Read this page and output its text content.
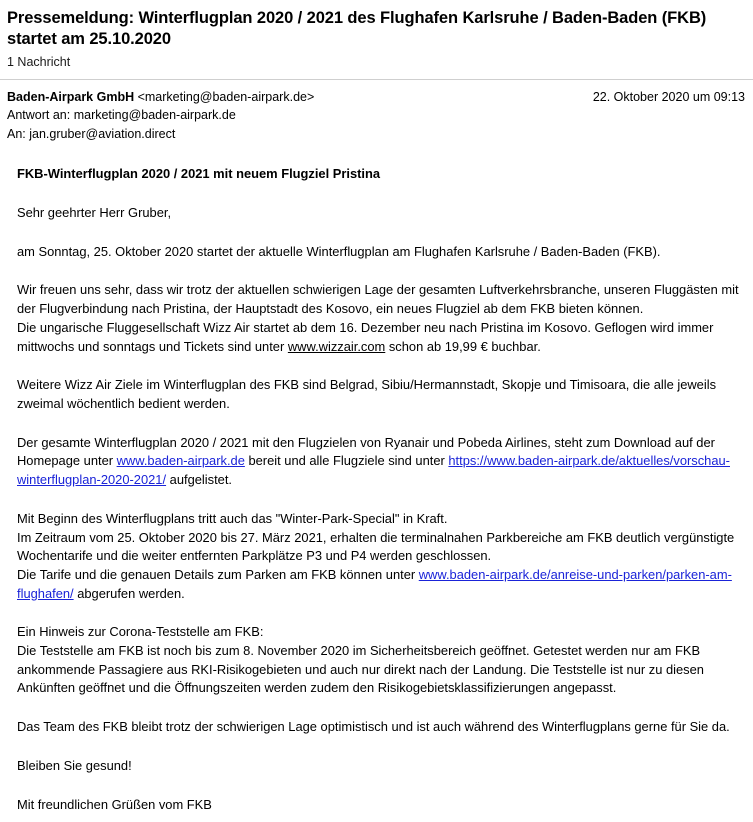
Pressemeldung: Winterflugplan 2020 / 2021 des Flughafen Karlsruhe / Baden-Baden (FKB) startet am 25.10.2020
1 Nachricht
Baden-Airpark GmbH <marketing@baden-airpark.de>
Antwort an: marketing@baden-airpark.de
An: jan.gruber@aviation.direct
22. Oktober 2020 um 09:13
FKB-Winterflugplan 2020 / 2021 mit neuem Flugziel Pristina
Sehr geehrter Herr Gruber,
am Sonntag, 25. Oktober 2020 startet der aktuelle Winterflugplan am Flughafen Karlsruhe / Baden-Baden (FKB).
Wir freuen uns sehr, dass wir trotz der aktuellen schwierigen Lage der gesamten Luftverkehrsbranche, unseren Fluggästen mit der Flugverbindung nach Pristina, der Hauptstadt des Kosovo, ein neues Flugziel ab dem FKB bieten können.
Die ungarische Fluggesellschaft Wizz Air startet ab dem 16. Dezember neu nach Pristina im Kosovo. Geflogen wird immer mittwochs und sonntags und Tickets sind unter www.wizzair.com schon ab 19,99 € buchbar.
Weitere Wizz Air Ziele im Winterflugplan des FKB sind Belgrad, Sibiu/Hermannstadt, Skopje und Timisoara, die alle jeweils zweimal wöchentlich bedient werden.
Der gesamte Winterflugplan 2020 / 2021 mit den Flugzielen von Ryanair und Pobeda Airlines, steht zum Download auf der Homepage unter www.baden-airpark.de bereit und alle Flugziele sind unter https://www.baden-airpark.de/aktuelles/vorschau-winterflugplan-2020-2021/ aufgelistet.
Mit Beginn des Winterflugplans tritt auch das "Winter-Park-Special" in Kraft.
Im Zeitraum vom 25. Oktober 2020 bis 27. März 2021, erhalten die terminalnahen Parkbereiche am FKB deutlich vergünstigte Wochentarife und die weiter entfernten Parkplätze P3 und P4 werden geschlossen.
Die Tarife und die genauen Details zum Parken am FKB können unter www.baden-airpark.de/anreise-und-parken/parken-am-flughafen/ abgerufen werden.
Ein Hinweis zur Corona-Teststelle am FKB:
Die Teststelle am FKB ist noch bis zum 8. November 2020 im Sicherheitsbereich geöffnet. Getestet werden nur am FKB ankommende Passagiere aus RKI-Risikogebieten und auch nur direkt nach der Landung. Die Teststelle ist nur zu diesen Ankünften geöffnet und die Öffnungszeiten werden zudem den Risikogebietsklassifizierungen angepasst.
Das Team des FKB bleibt trotz der schwierigen Lage optimistisch und ist auch während des Winterflugplans gerne für Sie da.
Bleiben Sie gesund!
Mit freundlichen Grüßen vom FKB
